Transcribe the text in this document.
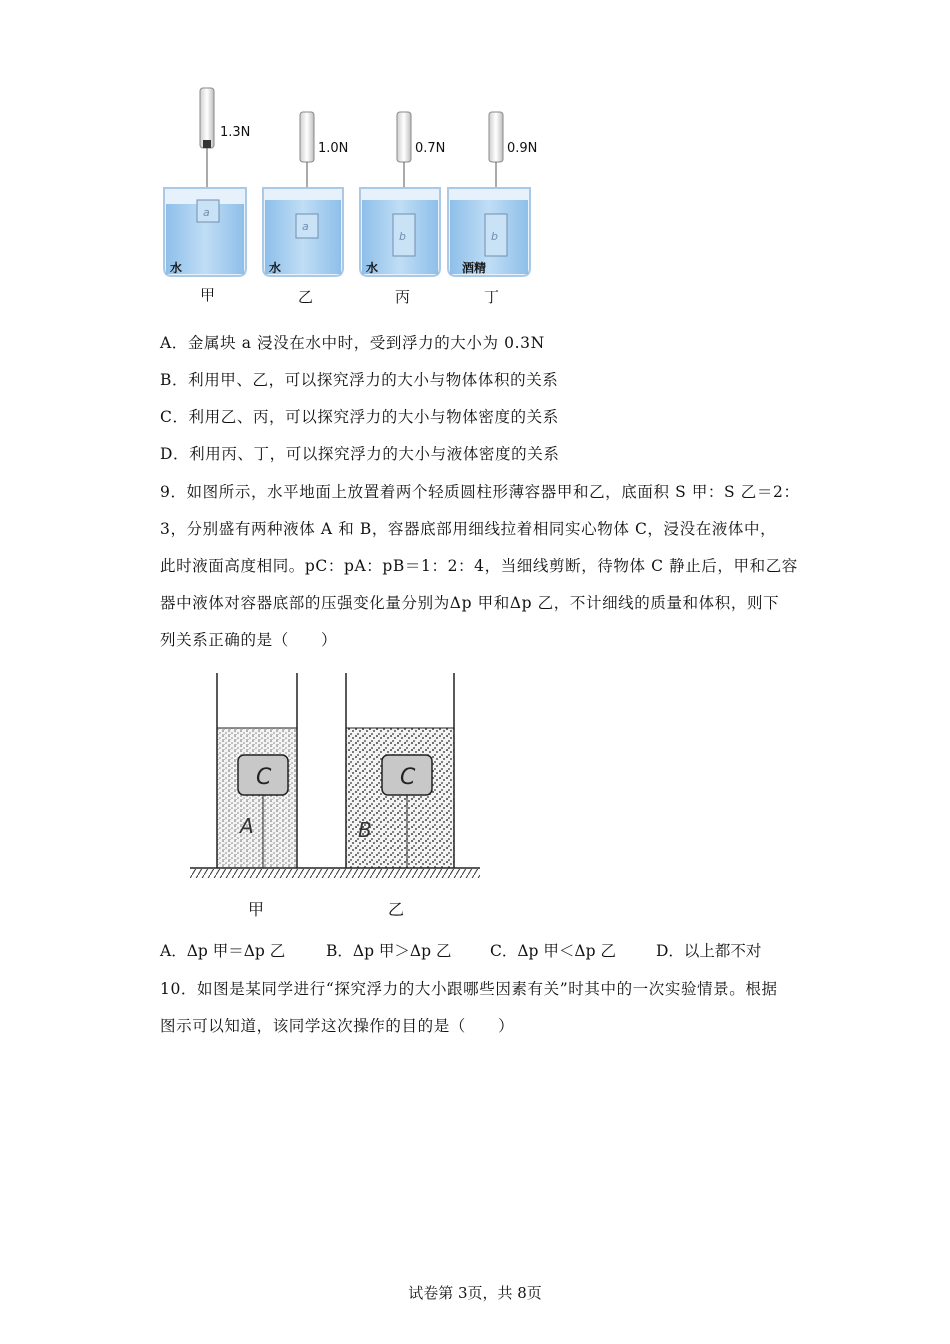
1.3N
水
a
甲
1.0N
水
a
乙
0.7N
水
b
丙
0.9N
酒精
b
丁
A．金属块 a 浸没在水中时，受到浮力的大小为 0.3N
B．利用甲、乙，可以探究浮力的大小与物体体积的关系
C．利用乙、丙，可以探究浮力的大小与物体密度的关系
D．利用丙、丁，可以探究浮力的大小与液体密度的关系
9．如图所示，水平地面上放置着两个轻质圆柱形薄容器甲和乙，底面积 S 甲：S 乙＝2：
3，分别盛有两种液体 A 和 B，容器底部用细线拉着相同实心物体 C，浸没在液体中，
此时液面高度相同。pC：pA：pB＝1：2：4，当细线剪断，待物体 C 静止后，甲和乙容
器中液体对容器底部的压强变化量分别为Δp 甲和Δp 乙，不计细线的质量和体积，则下
列关系正确的是（　　）
C
A
甲
C
B
乙
A．Δp 甲＝Δp 乙	B．Δp 甲＞Δp 乙 C．Δp 甲＜Δp 乙	D．以上都不对
10．如图是某同学进行“探究浮力的大小跟哪些因素有关”时其中的一次实验情景。根据
图示可以知道，该同学这次操作的目的是（　　）
试卷第 3页，共 8页
